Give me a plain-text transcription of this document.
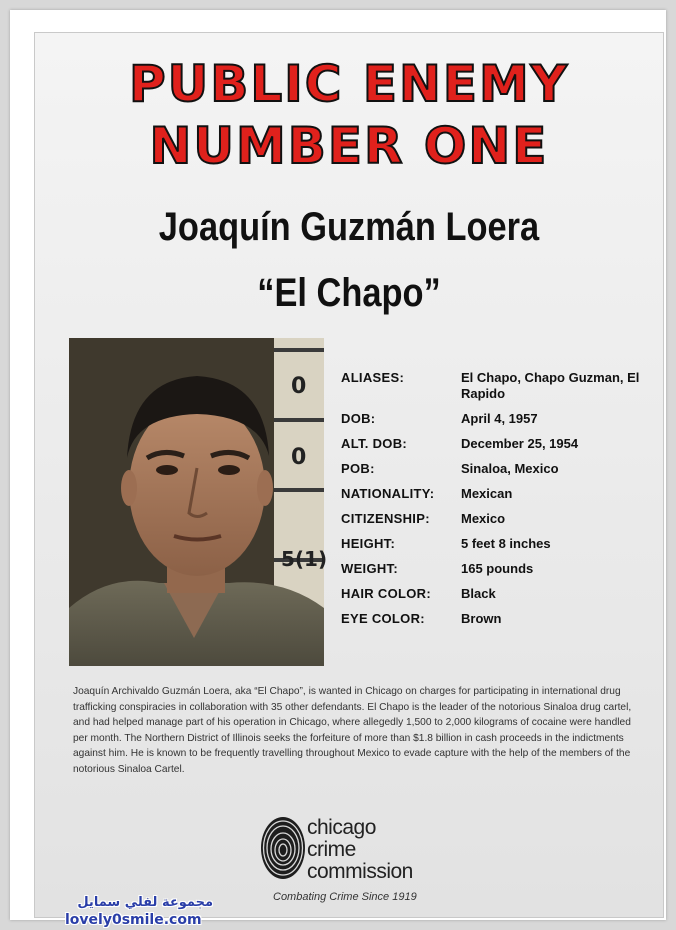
PUBLIC ENEMY
NUMBER ONE
Joaquín Guzmán Loera
“El Chapo”
0
0
5(1)
ALIASES:	El Chapo, Chapo Guzman, El Rapido
DOB:	April 4, 1957
ALT. DOB:	December 25, 1954
POB:	Sinaloa, Mexico
NATIONALITY: Mexican
CITIZENSHIP: Mexico
HEIGHT:	5 feet 8 inches
WEIGHT:	165 pounds
HAIR COLOR: Black
EYE COLOR:	Brown
Joaquín Archivaldo Guzmán Loera, aka “El Chapo”, is wanted in Chicago on charges for participating in international drug trafficking conspiracies in collaboration with 35 other defendants. El Chapo is the leader of the notorious Sinaloa drug cartel, and had helped manage part of his operation in Chicago, where allegedly 1,500 to 2,000 kilograms of cocaine were handled per month. The Northern District of Illinois seeks the forfeiture of more than $1.8 billion in cash proceeds in the indictments against him. He is known to be frequently travelling throughout Mexico to evade capture with the help of the members of the notorious Sinaloa Cartel.
chicago
crime
commission
Combating Crime Since 1919
مجموعة لفلي سمايل
lovely0smile.com
